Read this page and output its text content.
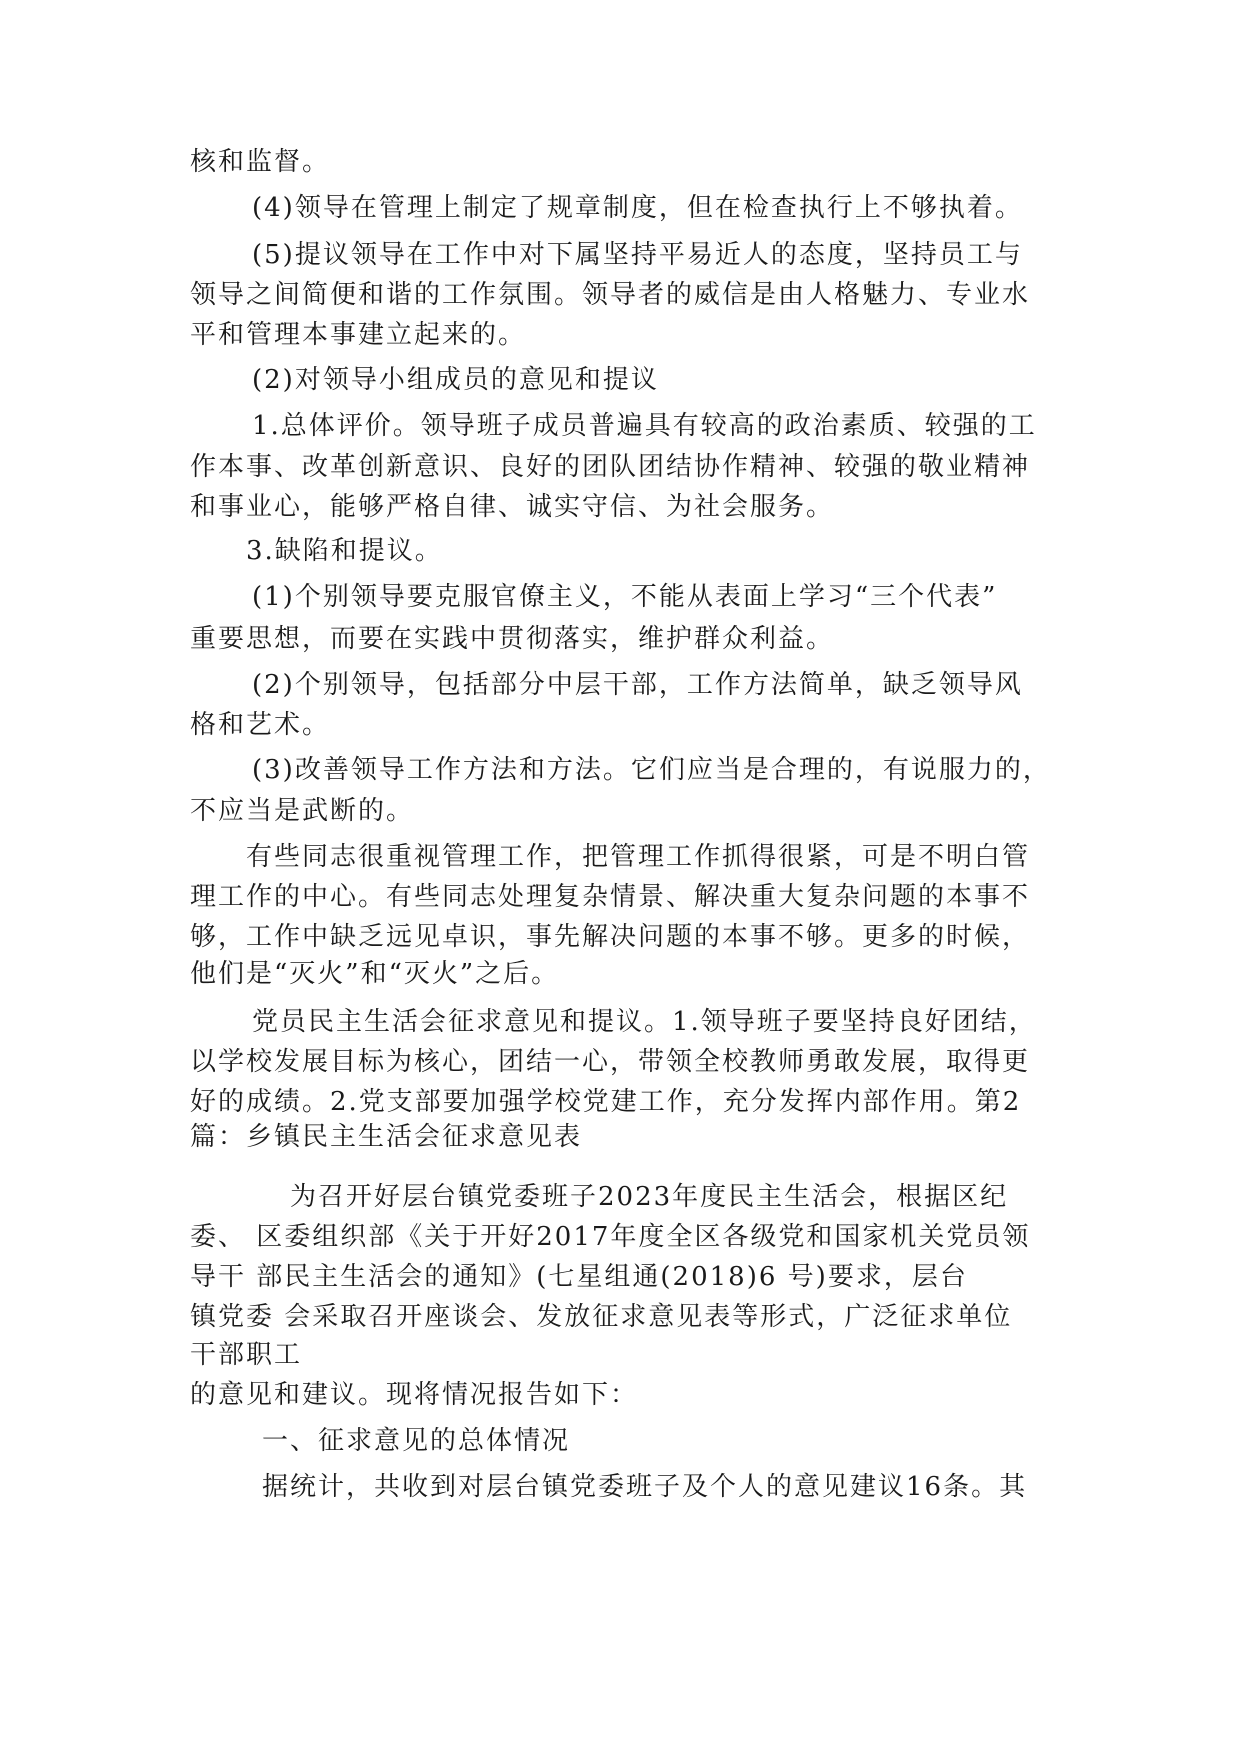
核和监督。
(4)领导在管理上制定了规章制度，但在检查执行上不够执着。
(5)提议领导在工作中对下属坚持平易近人的态度，坚持员工与
领导之间简便和谐的工作氛围。领导者的威信是由人格魅力、专业水
平和管理本事建立起来的。
(2)对领导小组成员的意见和提议
1.总体评价。领导班子成员普遍具有较高的政治素质、较强的工
作本事、改革创新意识、良好的团队团结协作精神、较强的敬业精神
和事业心，能够严格自律、诚实守信、为社会服务。
3.缺陷和提议。
(1)个别领导要克服官僚主义，不能从表面上学习“三个代表”
重要思想，而要在实践中贯彻落实，维护群众利益。
(2)个别领导，包括部分中层干部，工作方法简单，缺乏领导风
格和艺术。
(3)改善领导工作方法和方法。它们应当是合理的，有说服力的，
不应当是武断的。
有些同志很重视管理工作，把管理工作抓得很紧，可是不明白管
理工作的中心。有些同志处理复杂情景、解决重大复杂问题的本事不
够，工作中缺乏远见卓识，事先解决问题的本事不够。更多的时候，
他们是“灭火”和“灭火”之后。
党员民主生活会征求意见和提议。1.领导班子要坚持良好团结，
以学校发展目标为核心，团结一心，带领全校教师勇敢发展，取得更
好的成绩。2.党支部要加强学校党建工作，充分发挥内部作用。第2
篇：乡镇民主生活会征求意见表
为召开好层台镇党委班子2023年度民主生活会，根据区纪
委、 区委组织部《关于开好2017年度全区各级党和国家机关党员领
导干 部民主生活会的通知》(七星组通(2018)6 号)要求，层台
镇党委 会采取召开座谈会、发放征求意见表等形式，广泛征求单位
干部职工
的意见和建议。现将情况报告如下：
一、征求意见的总体情况
据统计，共收到对层台镇党委班子及个人的意见建议16条。其
